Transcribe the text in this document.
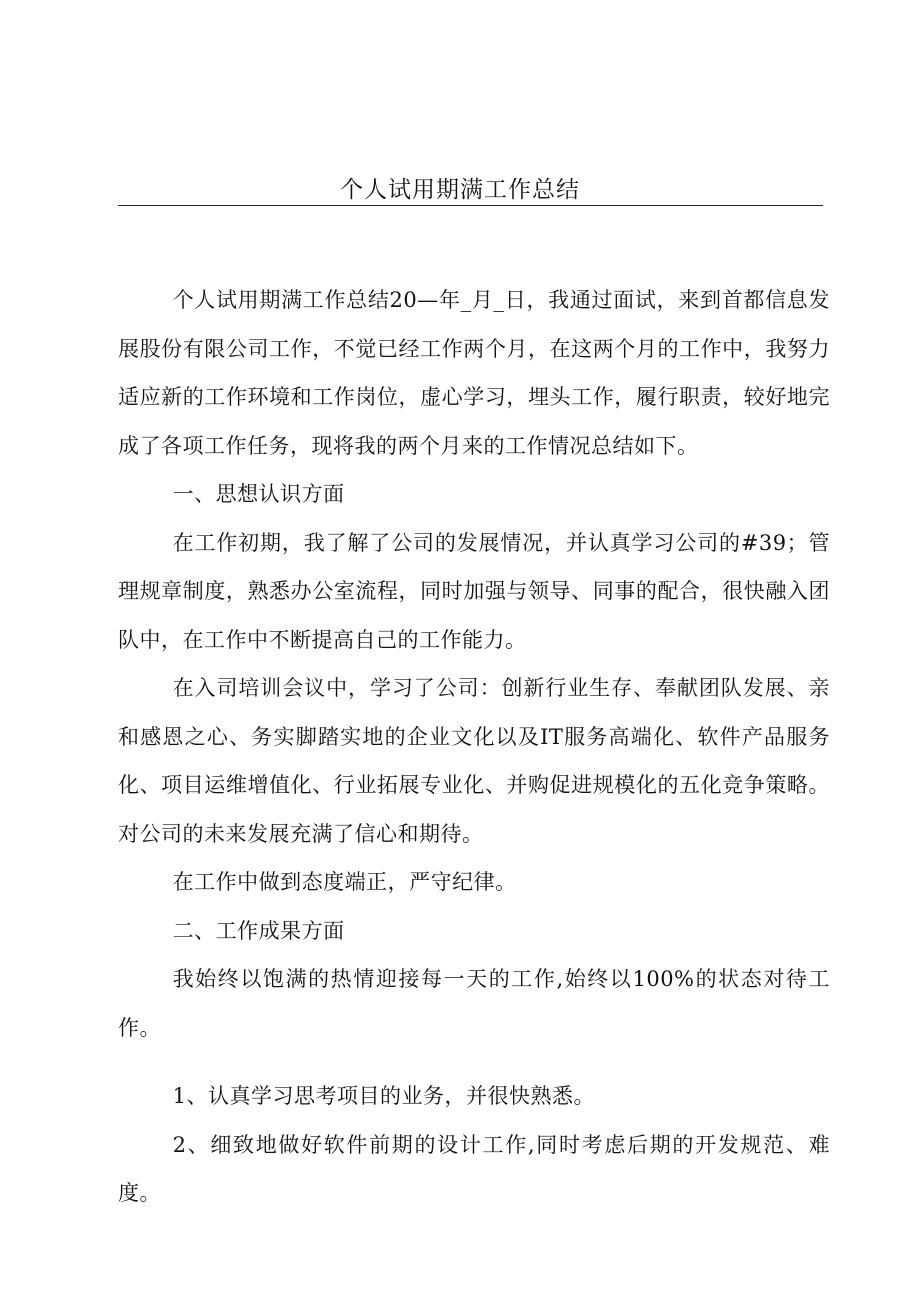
个人试用期满工作总结

个人试用期满工作总结20—年_月_日，我通过面试，来到首都信息发展股份有限公司工作，不觉已经工作两个月，在这两个月的工作中，我努力适应新的工作环境和工作岗位，虚心学习，埋头工作，履行职责，较好地完成了各项工作任务，现将我的两个月来的工作情况总结如下。

一、思想认识方面

在工作初期，我了解了公司的发展情况，并认真学习公司的#39；管理规章制度，熟悉办公室流程，同时加强与领导、同事的配合，很快融入团队中，在工作中不断提高自己的工作能力。

在入司培训会议中，学习了公司：创新行业生存、奉献团队发展、亲和感恩之心、务实脚踏实地的企业文化以及IT服务高端化、软件产品服务化、项目运维增值化、行业拓展专业化、并购促进规模化的五化竞争策略。对公司的未来发展充满了信心和期待。

在工作中做到态度端正，严守纪律。

二、工作成果方面

我始终以饱满的热情迎接每一天的工作,始终以100%的状态对待工作。

1、认真学习思考项目的业务，并很快熟悉。

2、细致地做好软件前期的设计工作,同时考虑后期的开发规范、难度。
